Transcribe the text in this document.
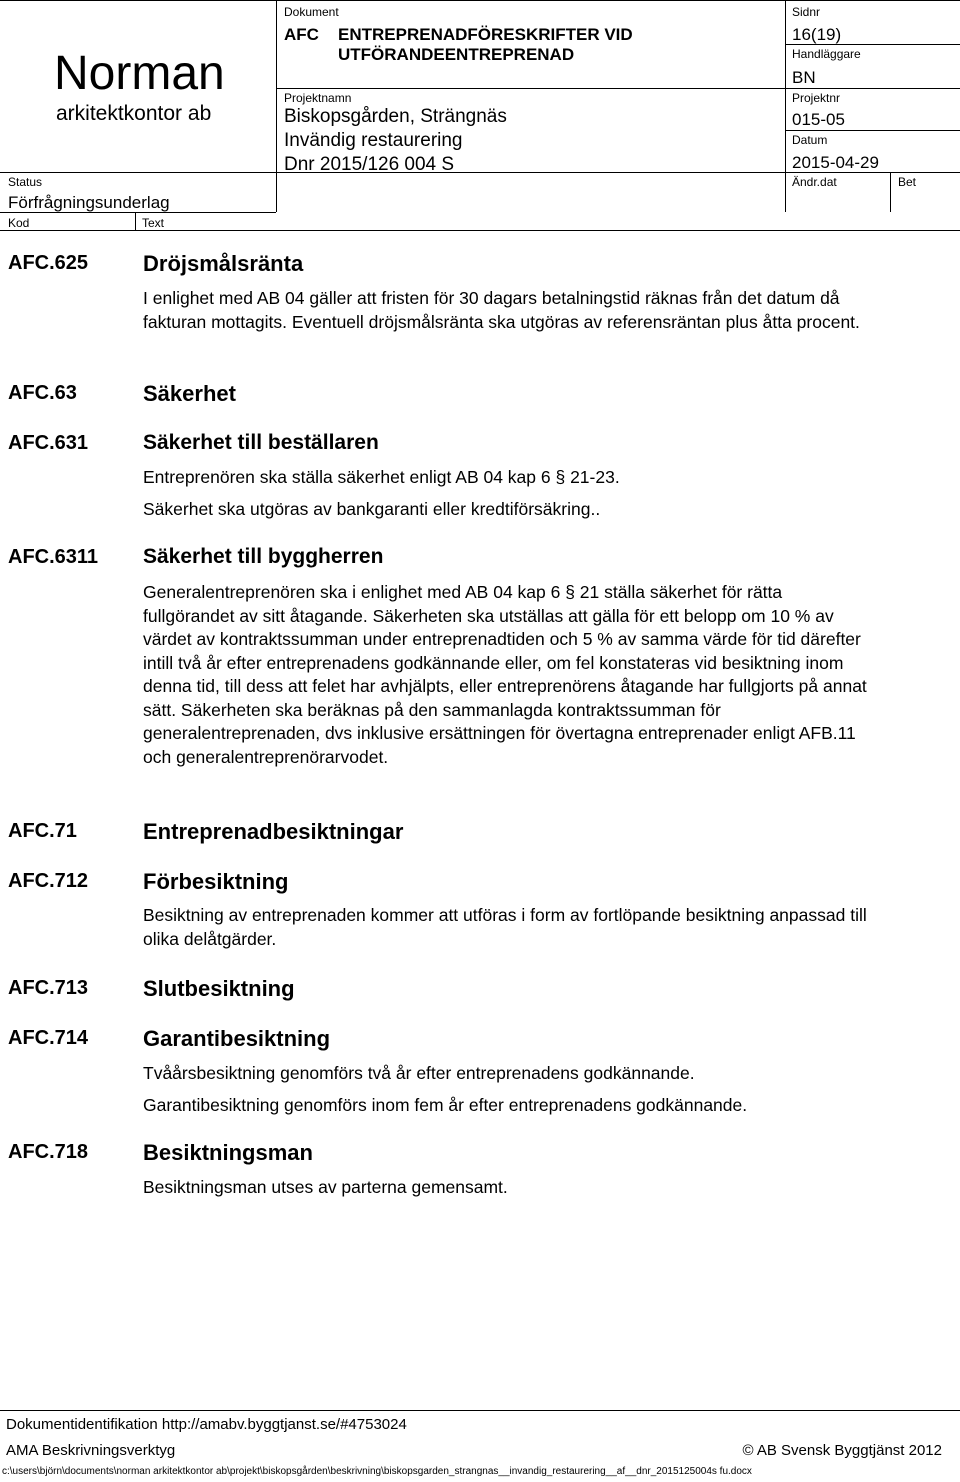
Norman
arkitektkontor ab
Status
Förfrågningsunderlag
Kod	Text
Dokument
AFC ENTREPRENADFÖRESKRIFTER VID
UTFÖRANDEENTREPRENAD
Projektnamn
Biskopsgården, Strängnäs
Invändig restaurering
Dnr 2015/126 004 S
Sidnr
16(19)
Handläggare
BN
Projektnr
015-05
Datum
2015-04-29
Ändr.dat	Bet
AFC.625 Dröjsmålsränta
I enlighet med AB 04 gäller att fristen för 30 dagars betalningstid räknas från det datum då fakturan mottagits. Eventuell dröjsmålsränta ska utgöras av referensräntan plus åtta procent.
AFC.63	Säkerhet
AFC.631	Säkerhet till beställaren
Entreprenören ska ställa säkerhet enligt AB 04 kap 6 § 21-23.
Säkerhet ska utgöras av bankgaranti eller kredtiförsäkring..
AFC.6311 Säkerhet till byggherren
Generalentreprenören ska i enlighet med AB 04 kap 6 § 21 ställa säkerhet för rätta fullgörandet av sitt åtagande. Säkerheten ska utställas att gälla för ett belopp om 10 % av värdet av kontraktssumman under entreprenadtiden och 5 % av samma värde för tid därefter intill två år efter entreprenadens godkännande eller, om fel konstateras vid besiktning inom denna tid, till dess att felet har avhjälpts, eller entreprenörens åtagande har fullgjorts på annat sätt. Säkerheten ska beräknas på den sammanlagda kontraktssumman för generalentreprenaden, dvs inklusive ersättningen för övertagna entreprenader enligt AFB.11 och generalentreprenörarvodet.
AFC.71	Entreprenadbesiktningar
AFC.712 Förbesiktning
Besiktning av entreprenaden kommer att utföras i form av fortlöpande besiktning anpassad till olika delåtgärder.
AFC.713 Slutbesiktning
AFC.714 Garantibesiktning
Tvåårsbesiktning genomförs två år efter entreprenadens godkännande.
Garantibesiktning genomförs inom fem år efter entreprenadens godkännande.
AFC.718 Besiktningsman
Besiktningsman utses av parterna gemensamt.
Dokumentidentifikation http://amabv.byggtjanst.se/#4753024
AMA Beskrivningsverktyg	© AB Svensk Byggtjänst 2012
c:\users\björn\documents\norman arkitektkontor ab\projekt\biskopsgården\beskrivning\biskopsgarden_strangnas__invandig_restaurering__af__dnr_2015125004s fu.docx
